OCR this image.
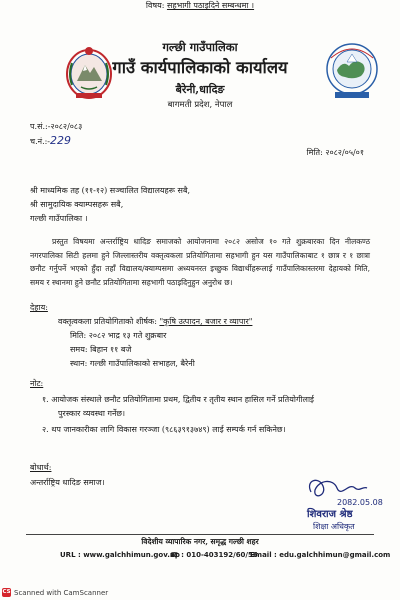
गल्छी गाउँपालिका
गाउँ कार्यपालिकाको कार्यालय
बैरेनी,धादिङ
बागमती प्रदेश, नेपाल
प.सं.:-२०८२/०८३
च.नं.:-229
मिति: २०८२/०५/०१
विषय: सहभागी पठाइदिने सम्बन्धमा ।
श्री माध्यमिक तह (११-१२) सञ्चालित विद्यालयहरू सबै,
श्री सामुदायिक क्याम्पसहरू सबै,
गल्छी गाउँपालिका ।
प्रस्तुत विषयमा अन्तर्राष्ट्रिय धादिङ समाजको आयोजनामा २०८२ असोज १० गते शुक्रबारका दिन नीलकण्ठ नगरपालिका सिटी हलमा हुने जिल्लास्तरीय वक्तृत्वकला प्रतियोगितामा सहभागी हुन यस गाउँपालिकाबाट १ छात्र र १ छात्रा छनौट गर्नुपर्ने भएको हुँदा तहाँ विद्यालय/क्याम्पसमा अध्ययनरत इच्छुक विद्यार्थीहरूलाई गाउँपालिकास्तरमा देहायको मिति, समय र स्थानमा हुने छनौट प्रतियोगितामा सहभागी पठाइदिनुहुन अनुरोध छ।
देहाय:
वक्तृत्वकला प्रतियोगिताको शीर्षक: "कृषि उत्पादन, बजार र व्यापार"
मिति: २०८२ भाद्र १३ गते शुक्रबार
समय: बिहान ११ बजे
स्थान: गल्छी गाउँपालिकाको सभाहल, बैरेनी
नोट:
१. आयोजक संस्थाले छनौट प्रतियोगितामा प्रथम, द्वितीय र तृतीय स्थान हासिल गर्ने प्रतियोगीलाई
पुरस्कार व्यवस्था गर्नेछ।
२. थप जानकारीका लागि विकास गरञ्जा (९८६३९१३७४९) लाई सम्पर्क गर्न सकिनेछ।
बोधार्थ:
अन्तर्राष्ट्रिय धादिङ समाज।
2082.05.08
शिवराज श्रेष्ठ
शिक्षा अधिकृत
विदेशीय व्यापारिक नगर, समृद्ध गल्छी शहर
URL : www.galchhimun.gov.np
☎ : 010-403192/60/56
Email : edu.galchhimun@gmail.com
CS Scanned with CamScanner
